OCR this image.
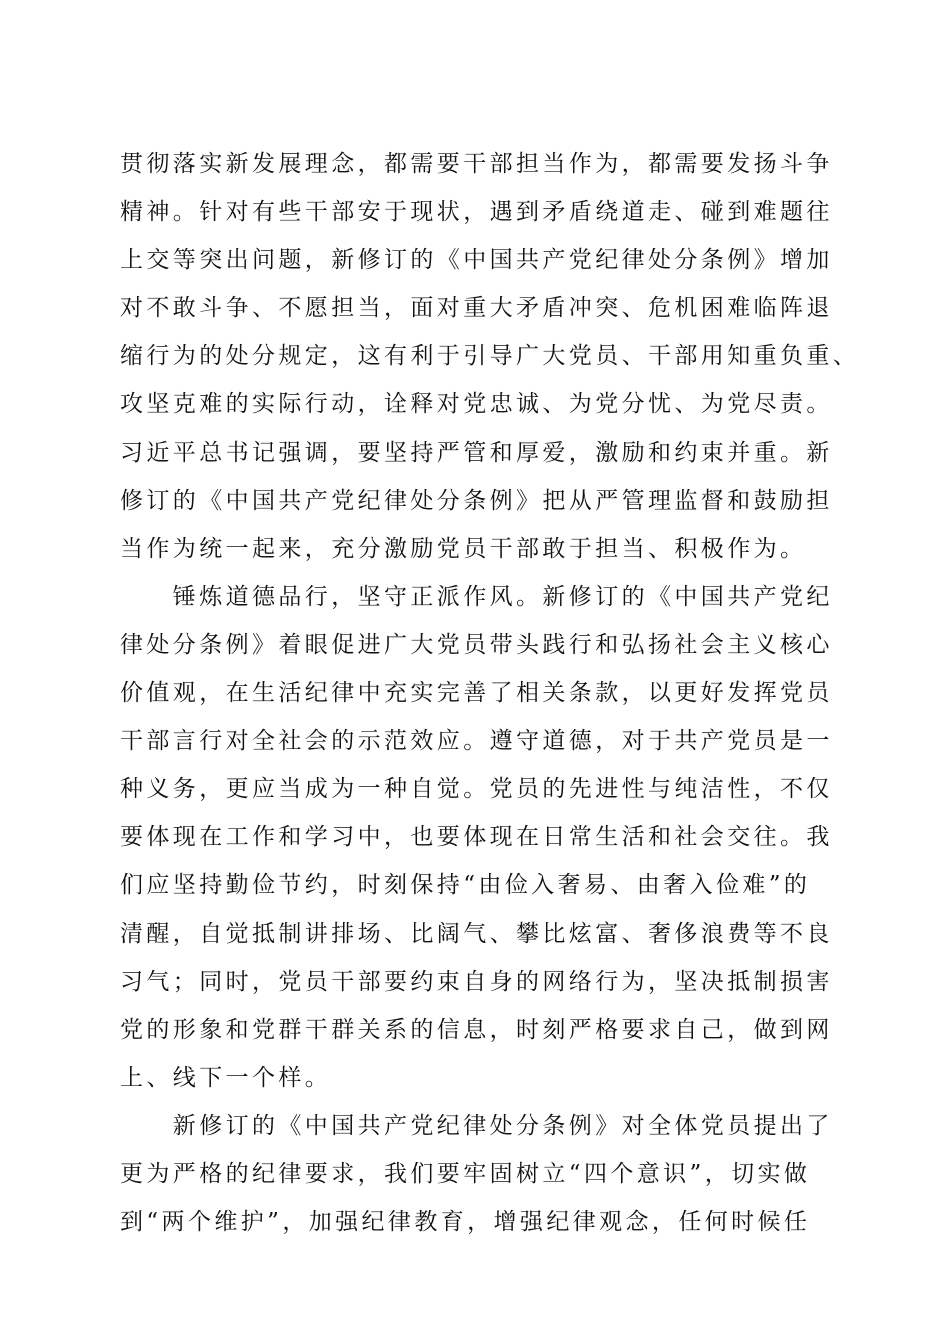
贯彻落实新发展理念，都需要干部担当作为，都需要发扬斗争
精神。针对有些干部安于现状，遇到矛盾绕道走、碰到难题往
上交等突出问题，新修订的《中国共产党纪律处分条例》增加
对不敢斗争、不愿担当，面对重大矛盾冲突、危机困难临阵退
缩行为的处分规定，这有利于引导广大党员、干部用知重负重、
攻坚克难的实际行动，诠释对党忠诚、为党分忧、为党尽责。
习近平总书记强调，要坚持严管和厚爱，激励和约束并重。新
修订的《中国共产党纪律处分条例》把从严管理监督和鼓励担
当作为统一起来，充分激励党员干部敢于担当、积极作为。
　　锤炼道德品行，坚守正派作风。新修订的《中国共产党纪
律处分条例》着眼促进广大党员带头践行和弘扬社会主义核心
价值观，在生活纪律中充实完善了相关条款，以更好发挥党员
干部言行对全社会的示范效应。遵守道德，对于共产党员是一
种义务，更应当成为一种自觉。党员的先进性与纯洁性，不仅
要体现在工作和学习中，也要体现在日常生活和社会交往。我
们应坚持勤俭节约，时刻保持“由俭入奢易、由奢入俭难”的
清醒，自觉抵制讲排场、比阔气、攀比炫富、奢侈浪费等不良
习气；同时，党员干部要约束自身的网络行为，坚决抵制损害
党的形象和党群干群关系的信息，时刻严格要求自己，做到网
上、线下一个样。
　　新修订的《中国共产党纪律处分条例》对全体党员提出了
更为严格的纪律要求，我们要牢固树立“四个意识”，切实做
到“两个维护”，加强纪律教育，增强纪律观念，任何时候任
